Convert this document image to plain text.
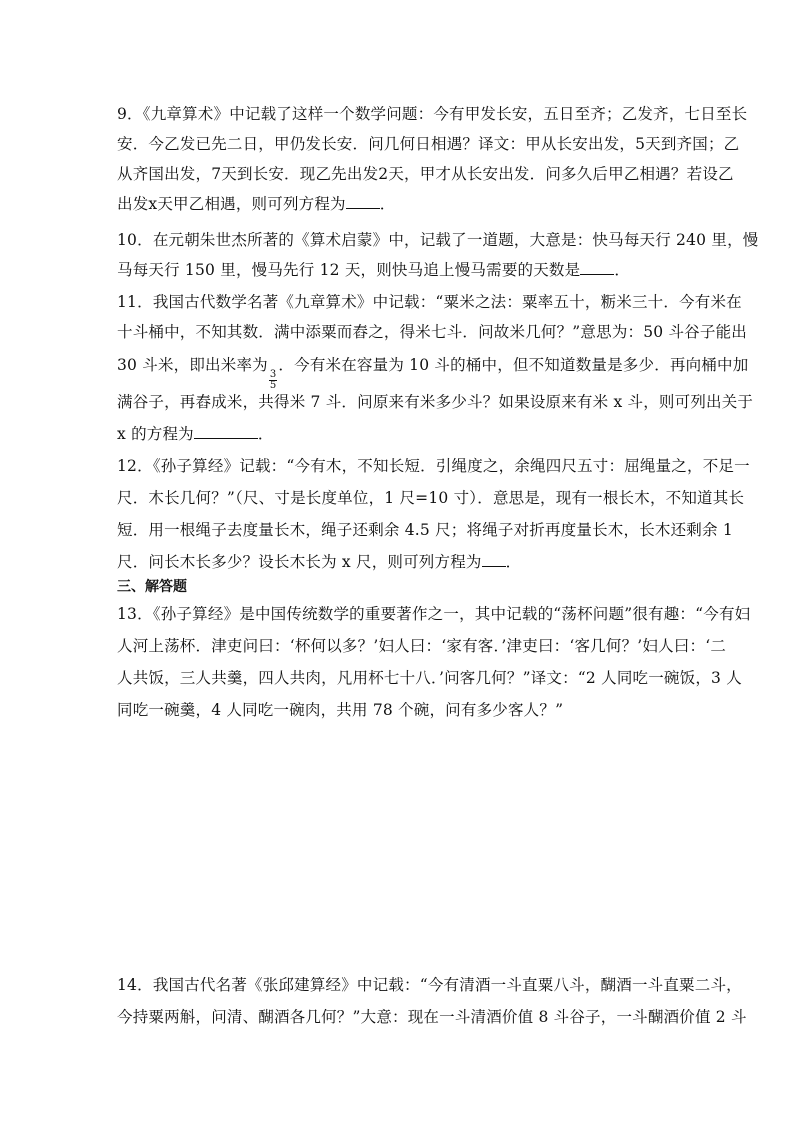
9．《九章算术》中记载了这样一个数学问题：今有甲发长安，五日至齐；乙发齐，七日至长
安．今乙发已先二日，甲仍发长安．问几何日相遇？译文：甲从长安出发，5天到齐国；乙
从齐国出发，7天到长安．现乙先出发2天，甲才从长安出发．问多久后甲乙相遇？若设乙
出发x天甲乙相遇，则可列方程为 ．
10．在元朝朱世杰所著的《算术启蒙》中，记载了一道题，大意是：快马每天行 240 里，慢
马每天行 150 里，慢马先行 12 天，则快马追上慢马需要的天数是 ．
11．我国古代数学名著《九章算术》中记载：“粟米之法：粟率五十，粝米三十．今有米在
十斗桶中，不知其数．满中添粟而舂之，得米七斗．问故米几何？”意思为：50 斗谷子能出
30 斗米，即出米率为
$\frac{3}{5}$
．今有米在容量为 10 斗的桶中，但不知道数量是多少．再向桶中加
满谷子，再舂成米，共得米 7 斗．问原来有米多少斗？如果设原来有米 x 斗，则可列出关于
x 的方程为	．
12．《孙子算经》记载：“今有木，不知长短．引绳度之，余绳四尺五寸：屈绳量之，不足一
尺．木长几何？”（尺、寸是长度单位，1 尺=10 寸）．意思是，现有一根长木，不知道其长
短．用一根绳子去度量长木，绳子还剩余 4.5 尺；将绳子对折再度量长木，长木还剩余 1
尺．问长木长多少？设长木长为 x 尺，则可列方程为 ．
三、解答题
13．《孙子算经》是中国传统数学的重要著作之一，其中记载的“荡杯问题”很有趣：“今有妇
人河上荡杯．津吏问曰：‘杯何以多？’妇人曰：‘家有客．’津吏曰：‘客几何？’妇人曰：‘二
人共饭，三人共羹，四人共肉，凡用杯七十八．’问客几何？”译文：“2 人同吃一碗饭，3 人
同吃一碗羹，4 人同吃一碗肉，共用 78 个碗，问有多少客人？”
14．我国古代名著《张邱建算经》中记载：“今有清酒一斗直粟八斗，醐酒一斗直粟二斗，
今持粟两斛，问清、醐酒各几何？”大意：现在一斗清酒价值 8 斗谷子，一斗醐酒价值 2 斗
